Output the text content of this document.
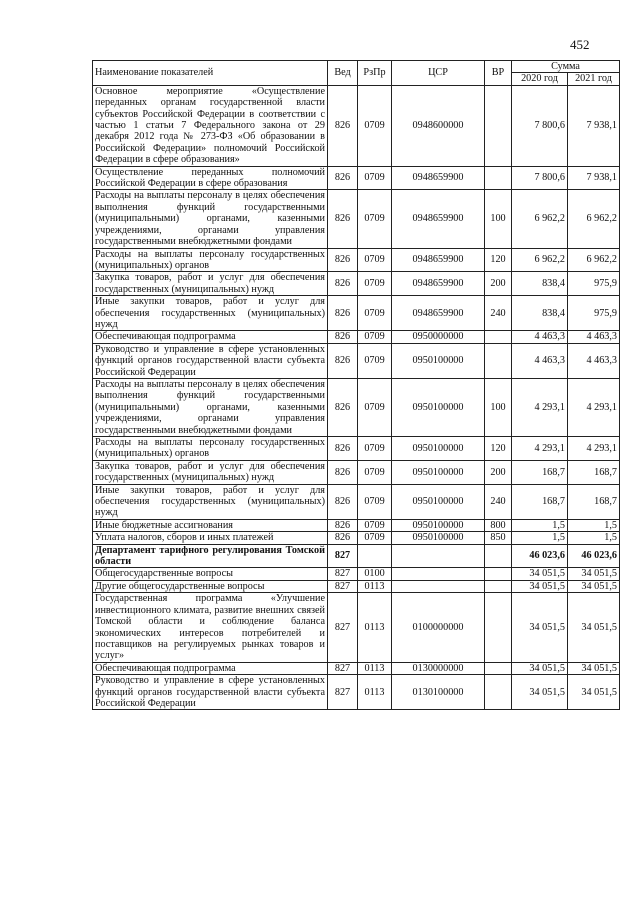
452
Наименование показателей	Вед	РзПр	ЦСР	ВР	Сумма	
					2020 год	2021 год
Основное мероприятие «Осуществление переданных органам государственной власти субъектов Российской Федерации в соответствии с частью 1 статьи 7 Федерального закона от 29 декабря 2012 года № 273-ФЗ «Об образовании в Российской Федерации» полномочий Российской Федерации в сфере образования»	826	0709	0948600000		7 800,6	7 938,1
Осуществление переданных полномочий Российской Федерации в сфере образования	826	0709	0948659900		7 800,6	7 938,1
Расходы на выплаты персоналу в целях обеспечения выполнения функций государственными (муниципальными) органами, казенными учреждениями, органами управления государственными внебюджетными фондами	826	0709	0948659900	100	6 962,2	6 962,2
Расходы на выплаты персоналу государственных (муниципальных) органов	826	0709	0948659900	120	6 962,2	6 962,2
Закупка товаров, работ и услуг для обеспечения государственных (муниципальных) нужд	826	0709	0948659900	200	838,4	975,9
Иные закупки товаров, работ и услуг для обеспечения государственных (муниципальных) нужд	826	0709	0948659900	240	838,4	975,9
Обеспечивающая подпрограмма	826	0709	0950000000		4 463,3	4 463,3
Руководство и управление в сфере установленных функций органов государственной власти субъекта Российской Федерации	826	0709	0950100000		4 463,3	4 463,3
Расходы на выплаты персоналу в целях обеспечения выполнения функций государственными (муниципальными) органами, казенными учреждениями, органами управления государственными внебюджетными фондами	826	0709	0950100000	100	4 293,1	4 293,1
Расходы на выплаты персоналу государственных (муниципальных) органов	826	0709	0950100000	120	4 293,1	4 293,1
Закупка товаров, работ и услуг для обеспечения государственных (муниципальных) нужд	826	0709	0950100000	200	168,7	168,7
Иные закупки товаров, работ и услуг для обеспечения государственных (муниципальных) нужд	826	0709	0950100000	240	168,7	168,7
Иные бюджетные ассигнования	826	0709	0950100000	800	1,5	1,5
Уплата налогов, сборов и иных платежей	826	0709	0950100000	850	1,5	1,5
Департамент тарифного регулирования Томской области	827				46 023,6	46 023,6
Общегосударственные вопросы	827	0100			34 051,5	34 051,5
Другие общегосударственные вопросы	827	0113			34 051,5	34 051,5
Государственная программа «Улучшение инвестиционного климата, развитие внешних связей Томской области и соблюдение баланса экономических интересов потребителей и поставщиков на регулируемых рынках товаров и услуг»	827	0113	0100000000		34 051,5	34 051,5
Обеспечивающая подпрограмма	827	0113	0130000000		34 051,5	34 051,5
Руководство и управление в сфере установленных функций органов государственной власти субъекта Российской Федерации	827	0113	0130100000		34 051,5	34 051,5
